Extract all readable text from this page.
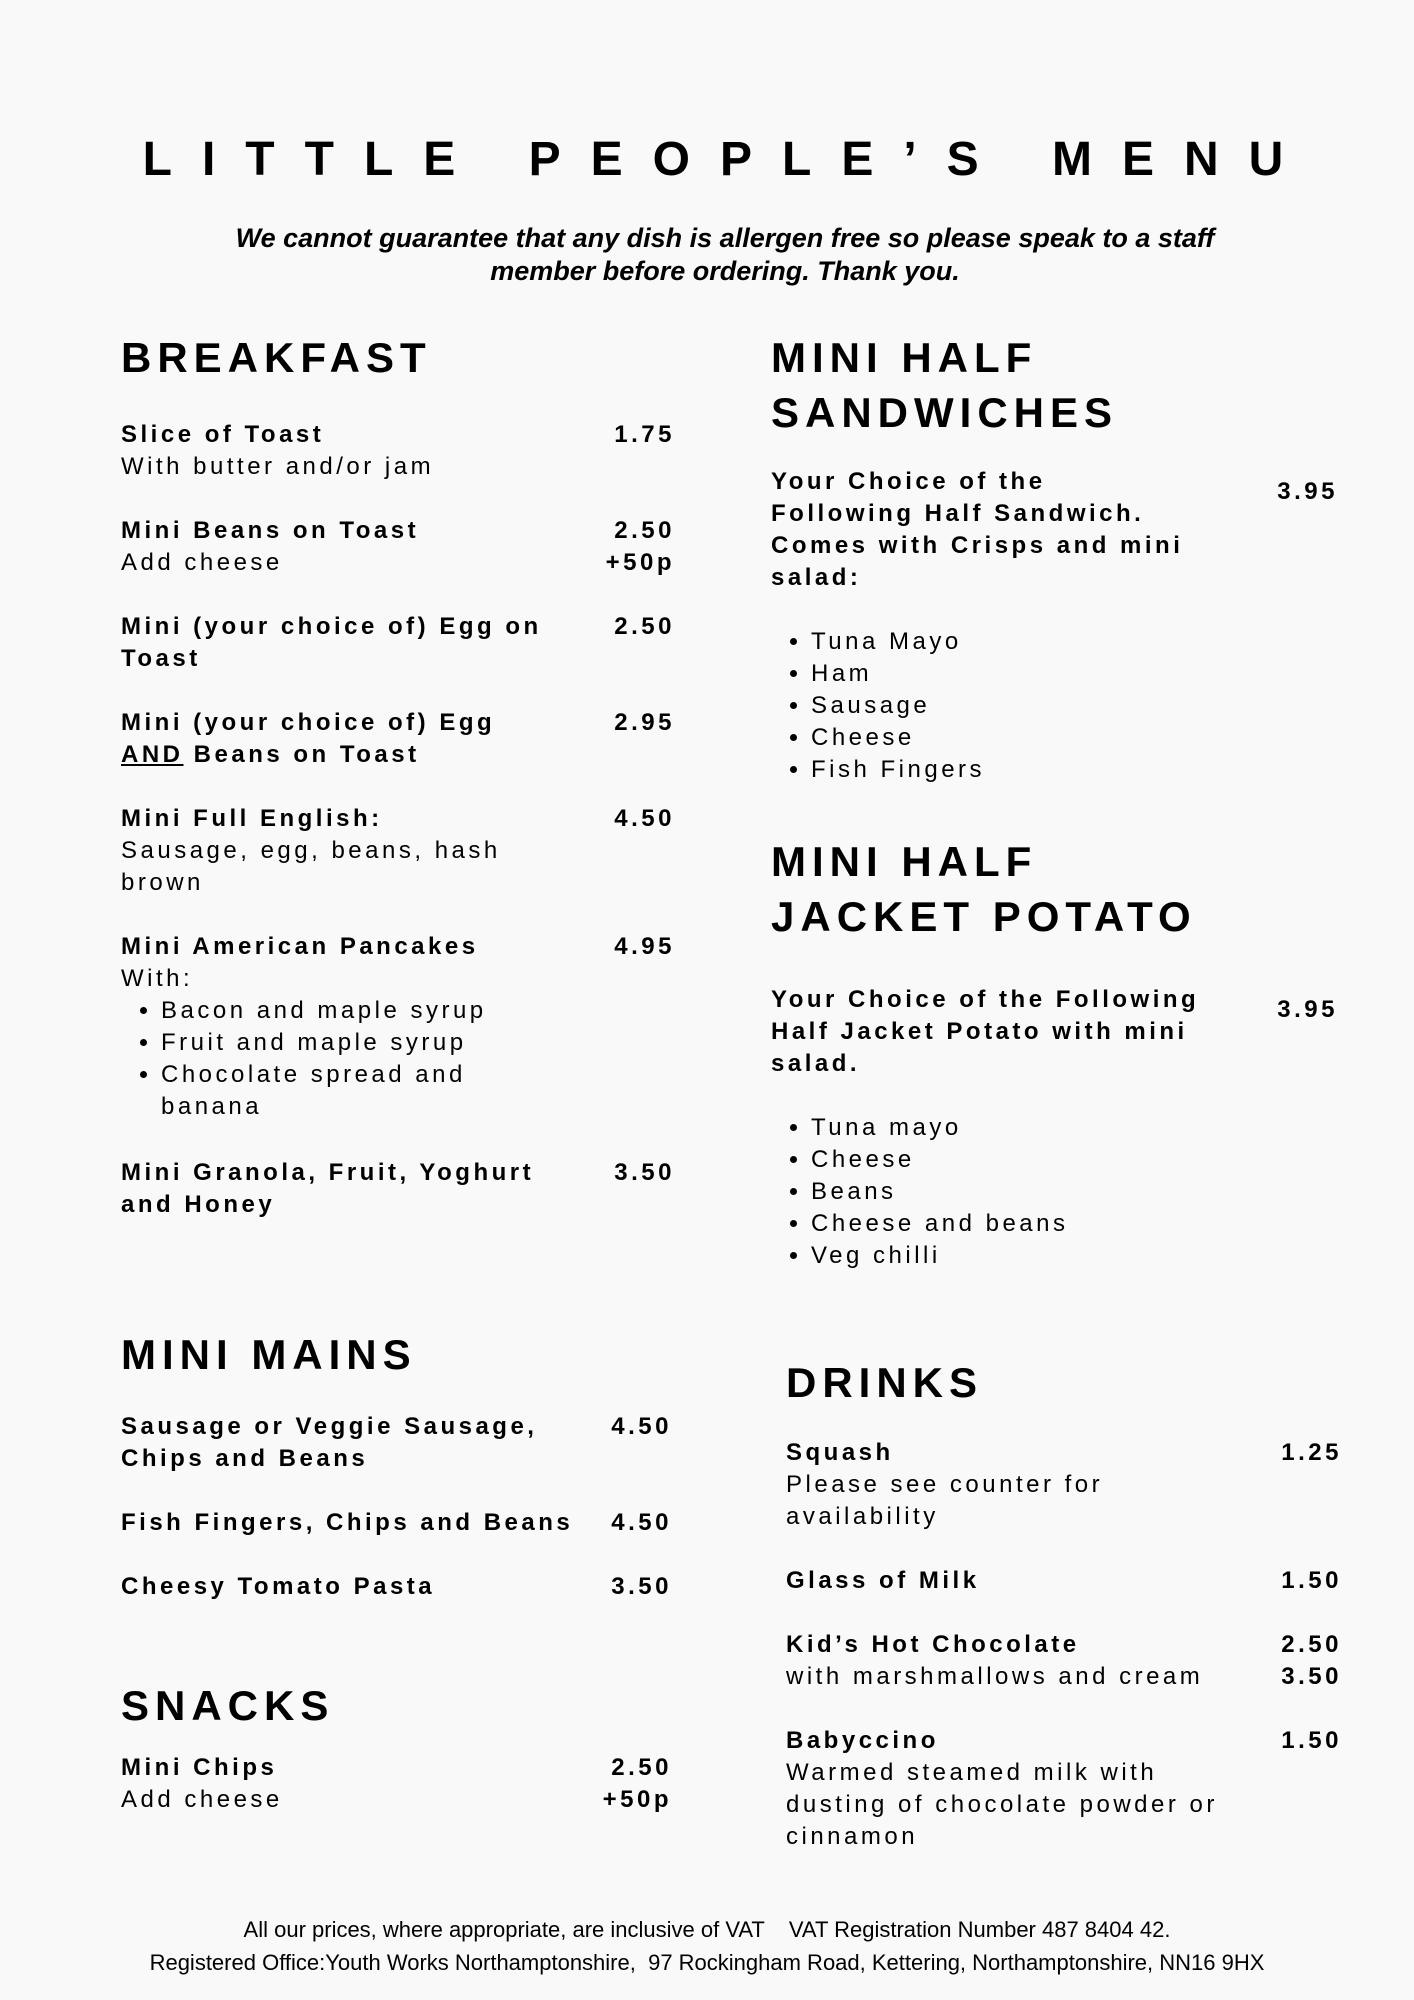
LITTLE PEOPLE’S MENU
We cannot guarantee that any dish is allergen free so please speak to a staff member before ordering. Thank you.
BREAKFAST
Slice of Toast
With butter and/or jam
1.75
Mini Beans on Toast
Add cheese
2.50
+50p
Mini (your choice of) Egg on Toast
2.50
Mini (your choice of) Egg AND Beans on Toast
2.95
Mini Full English:
Sausage, egg, beans, hash brown
4.50
Mini American Pancakes
With:
• Bacon and maple syrup
• Fruit and maple syrup
• Chocolate spread and banana
4.95
Mini Granola, Fruit, Yoghurt and Honey
3.50
MINI MAINS
Sausage or Veggie Sausage, Chips and Beans
4.50
Fish Fingers, Chips and Beans	4.50
Cheesy Tomato Pasta	3.50
SNACKS
Mini Chips
Add cheese
2.50
+50p
MINI HALF
SANDWICHES
Your Choice of the Following Half Sandwich. Comes with Crisps and mini salad:
• Tuna Mayo
• Ham
• Sausage
• Cheese
• Fish Fingers
3.95
MINI HALF
JACKET POTATO
Your Choice of the Following Half Jacket Potato with mini salad.
• Tuna mayo
• Cheese
• Beans
• Cheese and beans
• Veg chilli
3.95
DRINKS
Squash
Please see counter for availability
1.25
Glass of Milk	1.50
Kid’s Hot Chocolate
with marshmallows and cream
2.50
3.50
Babyccino
Warmed steamed milk with dusting of chocolate powder or cinnamon
1.50
All our prices, where appropriate, are inclusive of VAT    VAT Registration Number 487 8404 42.
Registered Office:Youth Works Northamptonshire,  97 Rockingham Road, Kettering, Northamptonshire, NN16 9HX
